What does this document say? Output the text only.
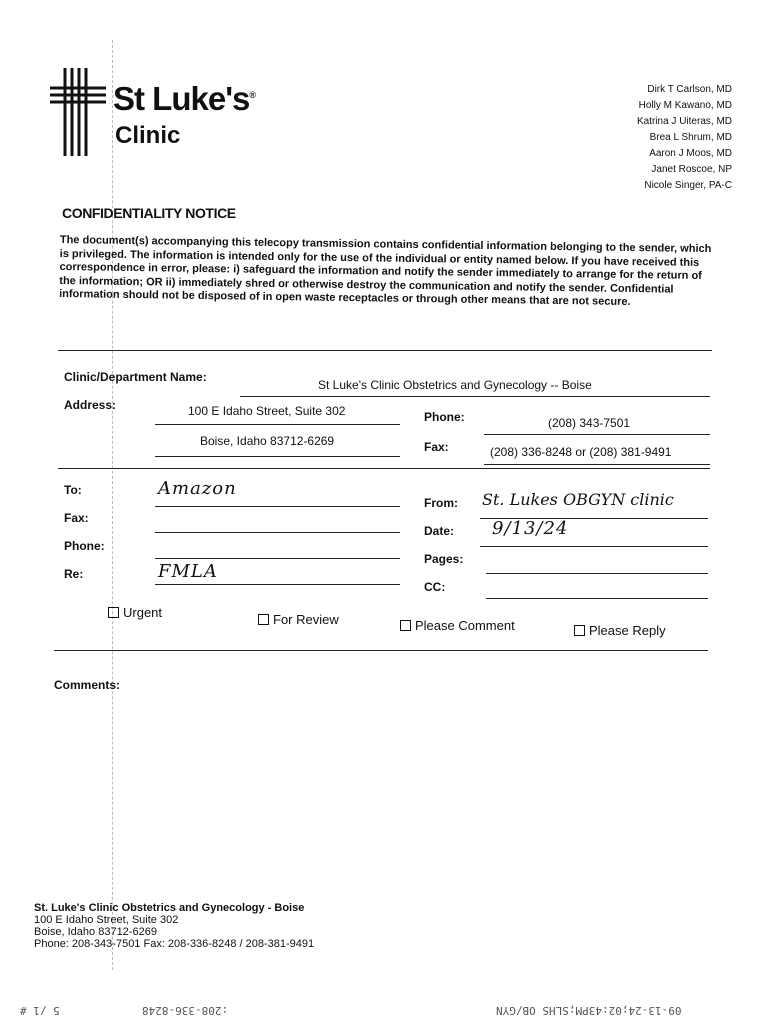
St Luke's®
Clinic
Dirk T Carlson, MD
Holly M Kawano, MD
Katrina J Uiteras, MD
Brea L Shrum, MD
Aaron J Moos, MD
Janet Roscoe, NP
Nicole Singer, PA-C
CONFIDENTIALITY NOTICE
The document(s) accompanying this telecopy transmission contains confidential information belonging to the sender, which is privileged. The information is intended only for the use of the individual or entity named below. If you have received this correspondence in error, please: i) safeguard the information and notify the sender immediately to arrange for the return of the information; OR ii) immediately shred or otherwise destroy the communication and notify the sender. Confidential information should not be disposed of in open waste receptacles or through other means that are not secure.
Clinic/Department Name:
St Luke's Clinic Obstetrics and Gynecology -- Boise
Address:	100 E Idaho Street, Suite 302
Boise, Idaho 83712-6269
Phone:	(208) 343-7501
Fax:	(208) 336-8248 or (208) 381-9491
To:	Amazon
Fax:
Phone:
Re:	FMLA
From: St. Lukes OBGYN clinic
Date: 9/13/24
Pages:
CC:
Urgent	For Review	Please Comment	Please Reply
Comments:
St. Luke's Clinic Obstetrics and Gynecology - Boise
100 E Idaho Street, Suite 302
Boise, Idaho 83712-6269
Phone: 208-343-7501 Fax: 208-336-8248 / 208-381-9491
5 /1 #	:208-336-8248	09-13-24;02:43PM;SLHS OB/GYN
